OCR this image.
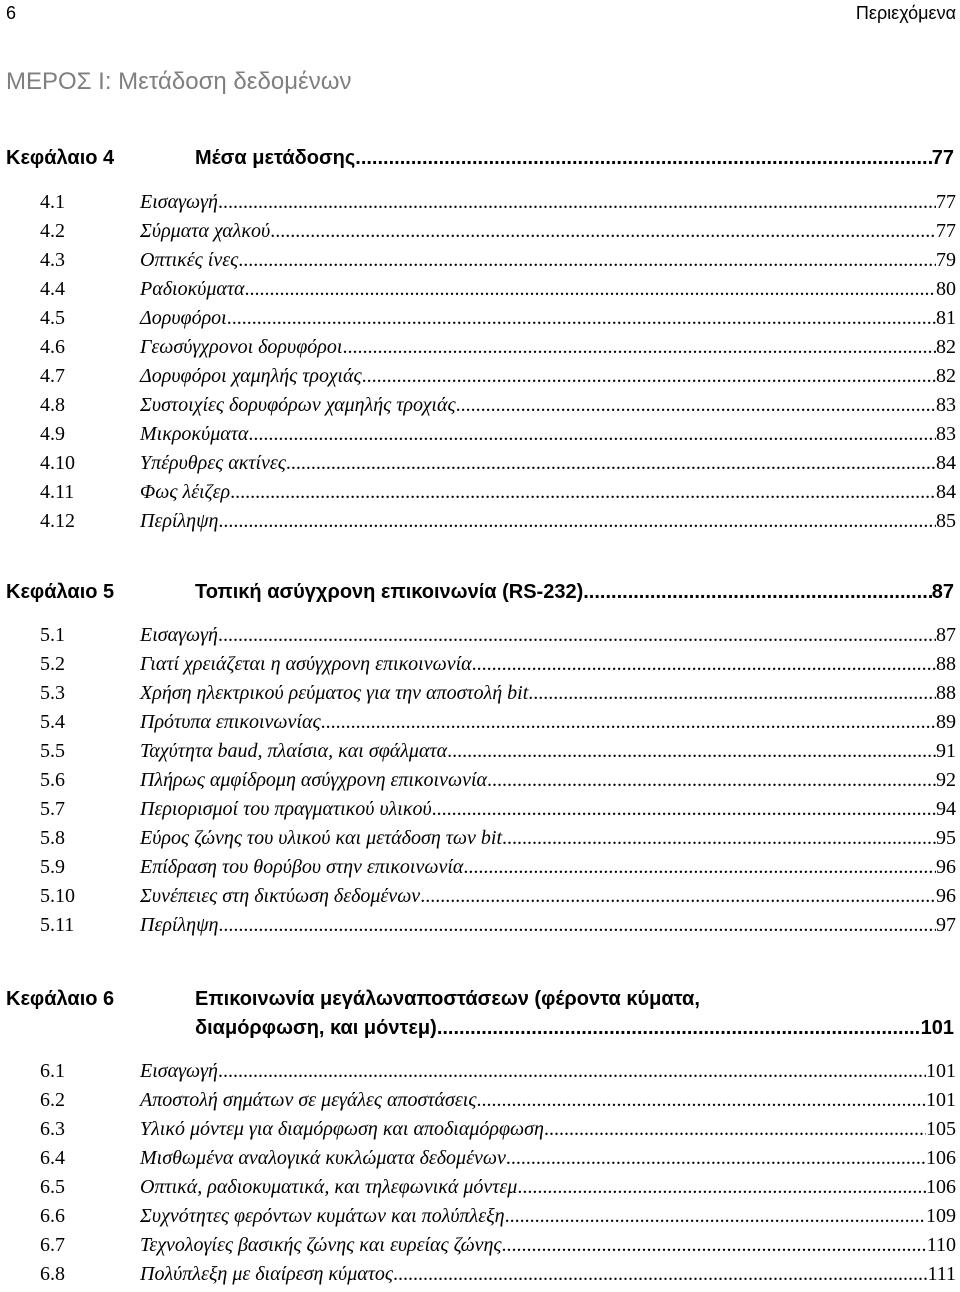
6	Περιεχόμενα
ΜΕΡΟΣ Ι: Μετάδοση δεδομένων
Κεφάλαιο 4	Μέσα μετάδοσης .....	77
4.1	Εισαγωγή .....	77
4.2	Σύρματα χαλκού .....	77
4.3	Οπτικές ίνες .....	79
4.4	Ραδιοκύματα .....	80
4.5	Δορυφόροι .....	81
4.6	Γεωσύγχρονοι δορυφόροι .....	82
4.7	Δορυφόροι χαμηλής τροχιάς .....	82
4.8	Συστοιχίες δορυφόρων χαμηλής τροχιάς .....	83
4.9	Μικροκύματα .....	83
4.10	Υπέρυθρες ακτίνες .....	84
4.11	Φως λέιζερ .....	84
4.12	Περίληψη .....	85
Κεφάλαιο 5	Τοπική ασύγχρονη επικοινωνία (RS-232) .....	87
5.1	Εισαγωγή .....	87
5.2	Γιατί χρειάζεται η ασύγχρονη επικοινωνία .....	88
5.3	Χρήση ηλεκτρικού ρεύματος για την αποστολή bit .....	88
5.4	Πρότυπα επικοινωνίας .....	89
5.5	Ταχύτητα baud, πλαίσια, και σφάλματα .....	91
5.6	Πλήρως αμφίδρομη ασύγχρονη επικοινωνία .....	92
5.7	Περιορισμοί του πραγματικού υλικού .....	94
5.8	Εύρος ζώνης του υλικού και μετάδοση των bit .....	95
5.9	Επίδραση του θορύβου στην επικοινωνία .....	96
5.10	Συνέπειες στη δικτύωση δεδομένων .....	96
5.11	Περίληψη .....	97
Κεφάλαιο 6	Επικοινωνία μεγάλωναποστάσεων (φέροντα κύματα,
διαμόρφωση, και μόντεμ) .....	101
6.1	Εισαγωγή .....	101
6.2	Αποστολή σημάτων σε μεγάλες αποστάσεις .....	101
6.3	Υλικό μόντεμ για διαμόρφωση και αποδιαμόρφωση .....	105
6.4	Μισθωμένα αναλογικά κυκλώματα δεδομένων .....	106
6.5	Οπτικά, ραδιοκυματικά, και τηλεφωνικά μόντεμ .....	106
6.6	Συχνότητες φερόντων κυμάτων και πολύπλεξη .....	109
6.7	Τεχνολογίες βασικής ζώνης και ευρείας ζώνης .....	110
6.8	Πολύπλεξη με διαίρεση κύματος .....	111
